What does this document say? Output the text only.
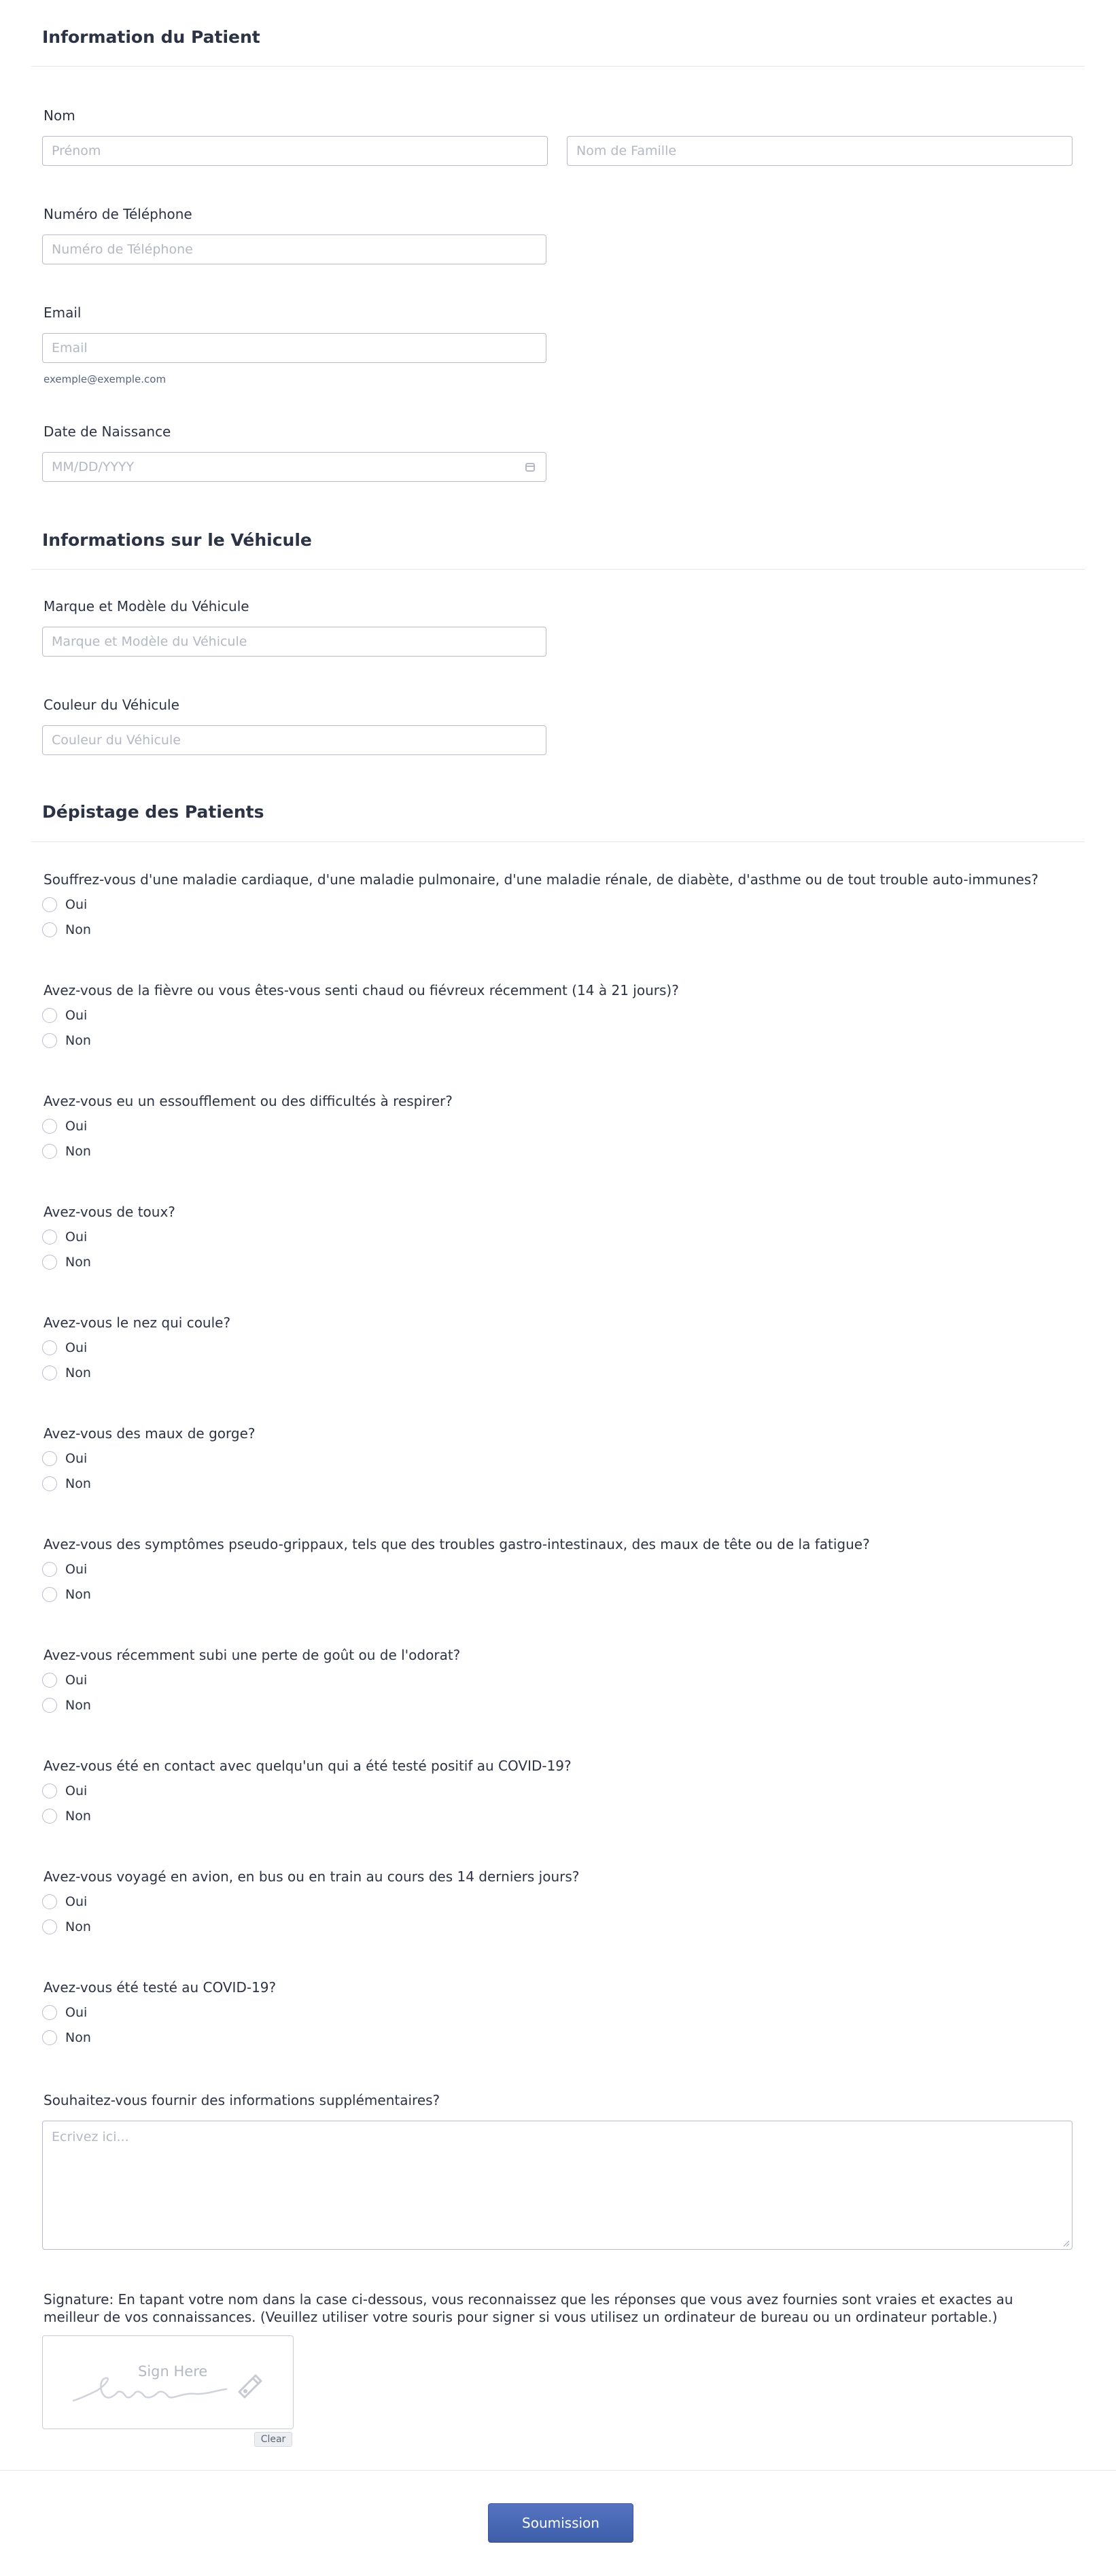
Information du Patient
Nom
Prénom
Nom de Famille
Numéro de Téléphone
Numéro de Téléphone
Email
Email
exemple@exemple.com
Date de Naissance
MM/DD/YYYY
Informations sur le Véhicule
Marque et Modèle du Véhicule
Marque et Modèle du Véhicule
Couleur du Véhicule
Couleur du Véhicule
Dépistage des Patients
Souffrez-vous d'une maladie cardiaque, d'une maladie pulmonaire, d'une maladie rénale, de diabète, d'asthme ou de tout trouble auto-immunes?
Oui
Non
Avez-vous de la fièvre ou vous êtes-vous senti chaud ou fiévreux récemment (14 à 21 jours)?
Oui
Non
Avez-vous eu un essoufflement ou des difficultés à respirer?
Oui
Non
Avez-vous de toux?
Oui
Non
Avez-vous le nez qui coule?
Oui
Non
Avez-vous des maux de gorge?
Oui
Non
Avez-vous des symptômes pseudo-grippaux, tels que des troubles gastro-intestinaux, des maux de tête ou de la fatigue?
Oui
Non
Avez-vous récemment subi une perte de goût ou de l'odorat?
Oui
Non
Avez-vous été en contact avec quelqu'un qui a été testé positif au COVID-19?
Oui
Non
Avez-vous voyagé en avion, en bus ou en train au cours des 14 derniers jours?
Oui
Non
Avez-vous été testé au COVID-19?
Oui
Non
Souhaitez-vous fournir des informations supplémentaires?
Ecrivez ici...
Signature: En tapant votre nom dans la case ci-dessous, vous reconnaissez que les réponses que vous avez fournies sont vraies et exactes au meilleur de vos connaissances. (Veuillez utiliser votre souris pour signer si vous utilisez un ordinateur de bureau ou un ordinateur portable.)
Sign Here
Clear
Soumission
